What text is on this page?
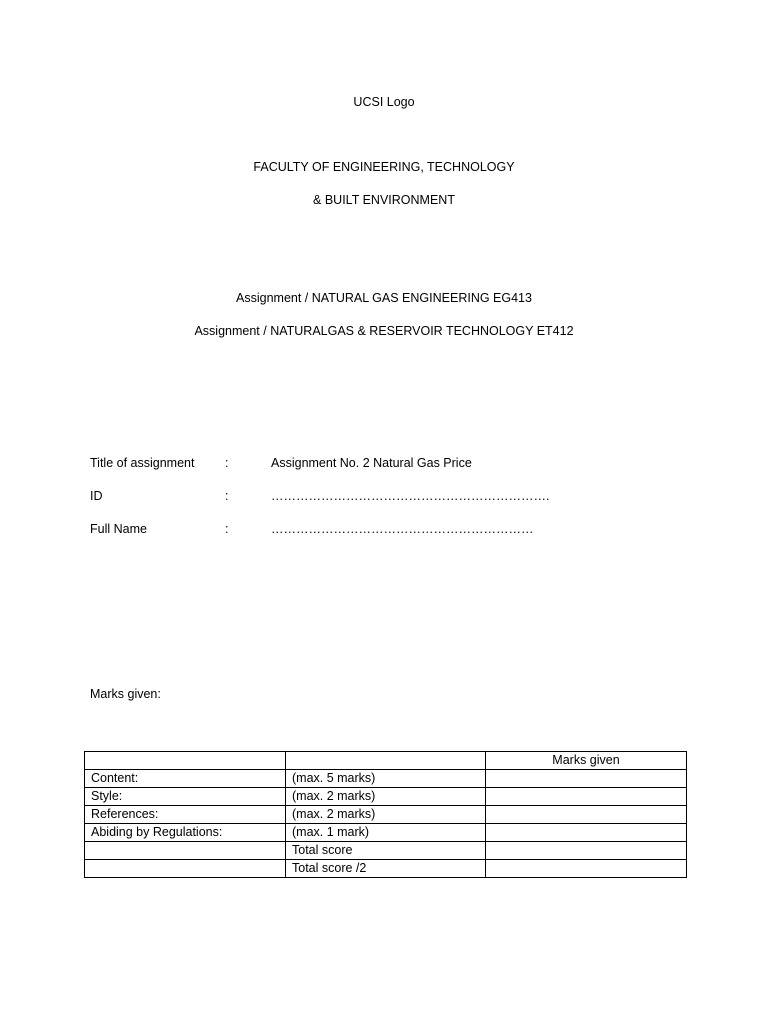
UCSI Logo
FACULTY OF ENGINEERING, TECHNOLOGY
& BUILT ENVIRONMENT
Assignment / NATURAL GAS ENGINEERING EG413
Assignment / NATURALGAS & RESERVOIR TECHNOLOGY ET412
Title of assignment :	Assignment No. 2 Natural Gas Price
ID	:	………………………………………………………….
Full Name	:	………………………………………………………
Marks given:
		Marks given
Content:	(max. 5 marks)	
Style:	(max. 2 marks)	
References:	(max. 2 marks)	
Abiding by Regulations:	(max. 1 mark)	
	Total score	
	Total score /2	
